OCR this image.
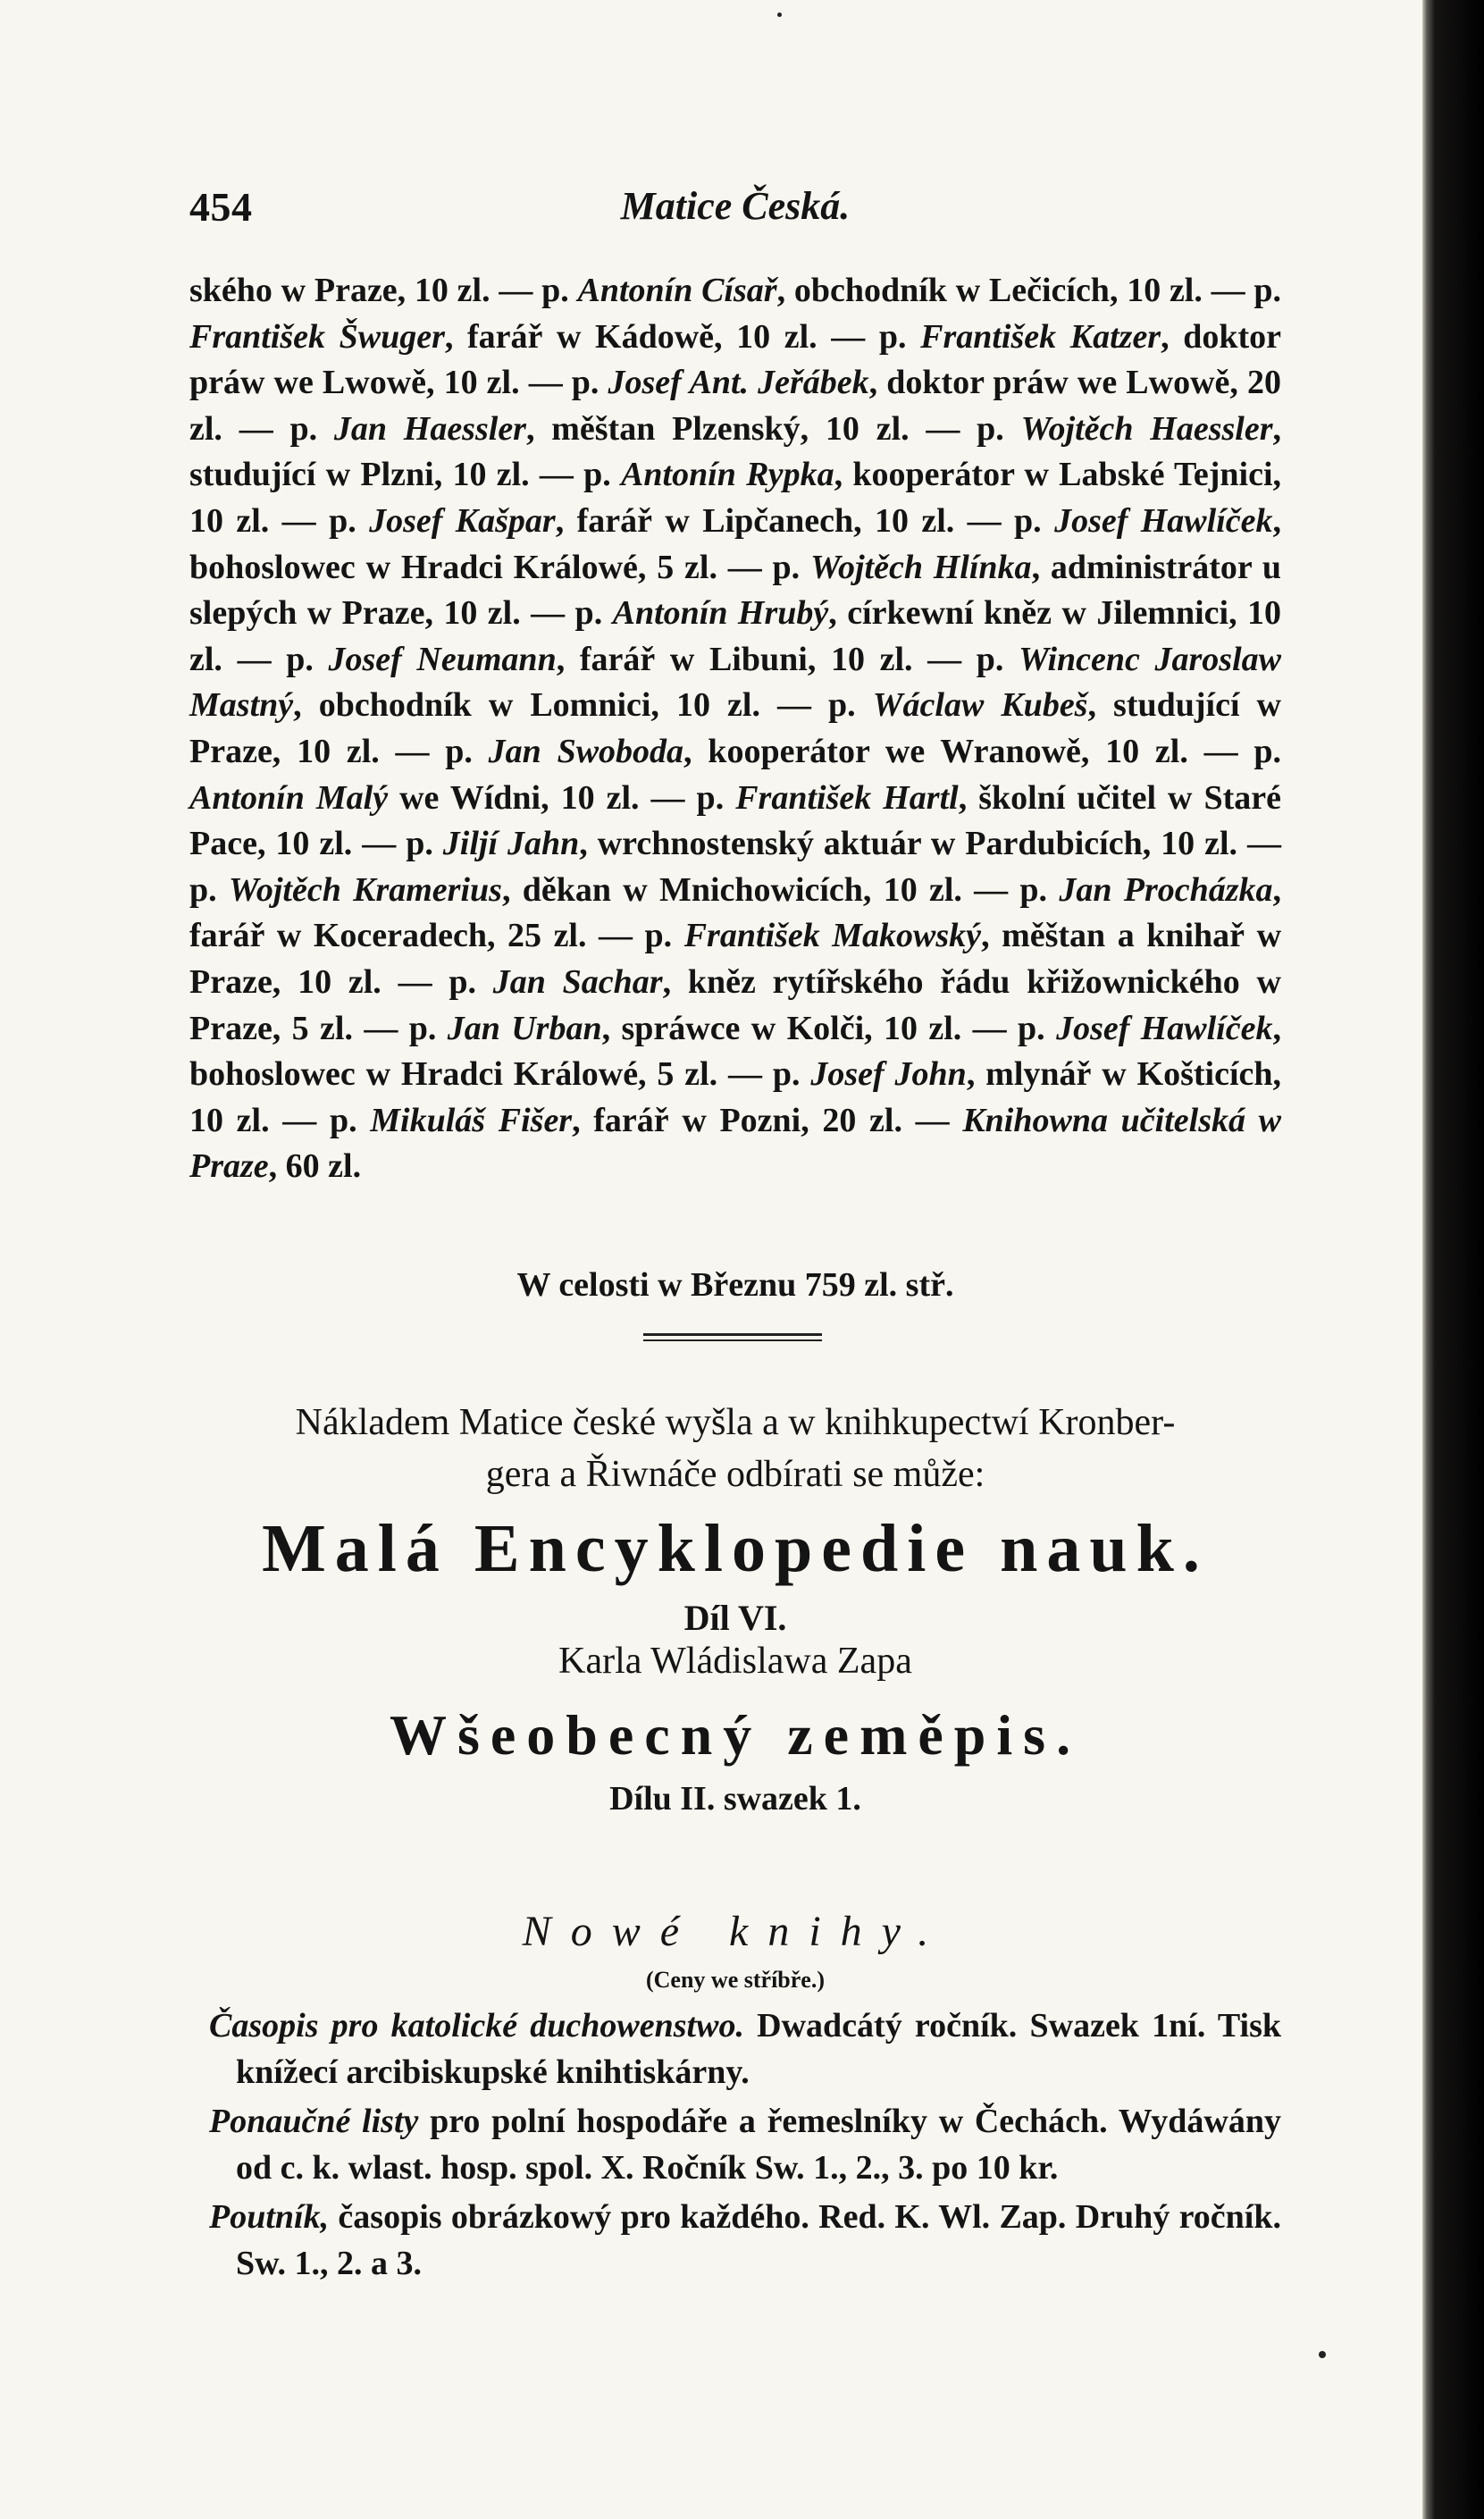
454	Matice Česká.
ského w Praze, 10 zl. — p. Antonín Císař, obchodník w Lečicích, 10 zl. — p. František Šwuger, farář w Kádowě, 10 zl. — p. František Katzer, doktor práw we Lwowě, 10 zl. — p. Josef Ant. Jeřábek, doktor práw we Lwowě, 20 zl. — p. Jan Haessler, měštan Plzenský, 10 zl. — p. Wojtěch Haessler, studující w Plzni, 10 zl. — p. Antonín Rypka, kooperátor w Labské Tejnici, 10 zl. — p. Josef Kašpar, farář w Lipčanech, 10 zl. — p. Josef Hawlíček, bohoslowec w Hradci Králowé, 5 zl. — p. Wojtěch Hlínka, administrátor u slepých w Praze, 10 zl. — p. Antonín Hrubý, církewní kněz w Jilemnici, 10 zl. — p. Josef Neumann, farář w Libuni, 10 zl. — p. Wincenc Jaroslaw Mastný, obchodník w Lomnici, 10 zl. — p. Wáclaw Kubeš, studující w Praze, 10 zl. — p. Jan Swoboda, kooperátor we Wranowě, 10 zl. — p. Antonín Malý we Wídni, 10 zl. — p. František Hartl, školní učitel w Staré Pace, 10 zl. — p. Jiljí Jahn, wrchnostenský aktuár w Pardubicích, 10 zl. — p. Wojtěch Kramerius, děkan w Mnichowicích, 10 zl. — p. Jan Procházka, farář w Koceradech, 25 zl. — p. František Makowský, měštan a knihař w Praze, 10 zl. — p. Jan Sachar, kněz rytířského řádu křižownického w Praze, 5 zl. — p. Jan Urban, spráwce w Kolči, 10 zl. — p. Josef Hawlíček, bohoslowec w Hradci Králowé, 5 zl. — p. Josef John, mlynář w Košticích, 10 zl. — p. Mikuláš Fišer, farář w Pozni, 20 zl. — Knihowna učitelská w Praze, 60 zl.
W celosti w Březnu 759 zl. stř.
Nákladem Matice české wyšla a w knihkupectwí Kronber-
gera a Řiwnáče odbírati se může:
Malá Encyklopedie nauk.
Díl VI.
Karla Wládislawa Zapa
Wšeobecný zeměpis.
Dílu II. swazek 1.
Nowé knihy.
(Ceny we stříbře.)
Časopis pro katolické duchowenstwo. Dwadcátý ročník. Swazek 1ní. Tisk knížecí arcibiskupské knihtiskárny.
Ponaučné listy pro polní hospodáře a řemeslníky w Čechách. Wydáwány od c. k. wlast. hosp. spol. X. Ročník Sw. 1., 2., 3. po 10 kr.
Poutník, časopis obrázkowý pro každého. Red. K. Wl. Zap. Druhý ročník. Sw. 1., 2. a 3.
